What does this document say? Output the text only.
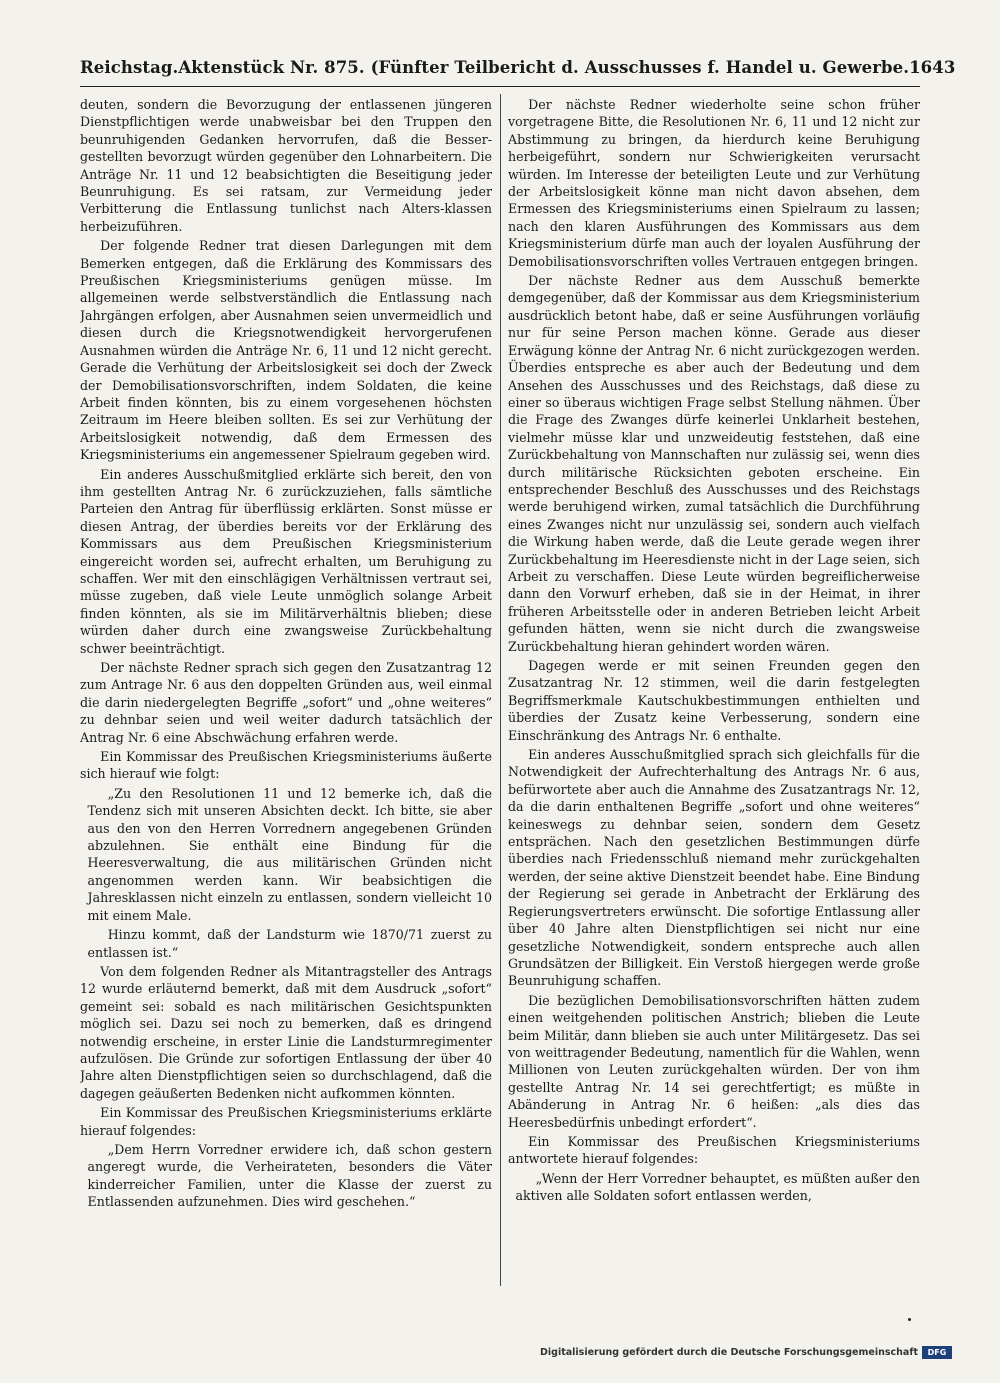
Reichstag. Aktenstück Nr. 875. (Fünfter Teilbericht d. Ausschusses f. Handel u. Gewerbe. 1643

deuten, sondern die Bevorzugung der entlassenen jüngeren Dienstpflichtigen werde unabweisbar bei den Truppen den beunruhigenden Gedanken hervorrufen, daß die Besser-gestellten bevorzugt würden gegenüber den Lohnarbeitern. Die Anträge Nr. 11 und 12 beabsichtigten die Beseitigung jeder Beunruhigung. Es sei ratsam, zur Vermeidung jeder Verbitterung die Entlassung tunlichst nach Alters-klassen herbeizuführen.

Der folgende Redner trat diesen Darlegungen mit dem Bemerken entgegen, daß die Erklärung des Kommissars des Preußischen Kriegsministeriums genügen müsse. Im allgemeinen werde selbstverständlich die Entlassung nach Jahrgängen erfolgen, aber Ausnahmen seien unvermeidlich und diesen durch die Kriegsnotwendigkeit hervorgerufenen Ausnahmen würden die Anträge Nr. 6, 11 und 12 nicht gerecht. Gerade die Verhütung der Arbeitslosigkeit sei doch der Zweck der Demobilisationsvorschriften, indem Soldaten, die keine Arbeit finden könnten, bis zu einem vorgesehenen höchsten Zeitraum im Heere bleiben sollten. Es sei zur Verhütung der Arbeitslosigkeit notwendig, daß dem Ermessen des Kriegsministeriums ein angemessener Spielraum gegeben wird.

Ein anderes Ausschußmitglied erklärte sich bereit, den von ihm gestellten Antrag Nr. 6 zurückzuziehen, falls sämtliche Parteien den Antrag für überflüssig erklärten. Sonst müsse er diesen Antrag, der überdies bereits vor der Erklärung des Kommissars aus dem Preußischen Kriegsministerium eingereicht worden sei, aufrecht erhalten, um Beruhigung zu schaffen. Wer mit den einschlägigen Verhältnissen vertraut sei, müsse zugeben, daß viele Leute unmöglich solange Arbeit finden könnten, als sie im Militärverhältnis blieben; diese würden daher durch eine zwangsweise Zurückbehaltung schwer beeinträchtigt.

Der nächste Redner sprach sich gegen den Zusatzantrag 12 zum Antrage Nr. 6 aus den doppelten Gründen aus, weil einmal die darin niedergelegten Begriffe „sofort“ und „ohne weiteres“ zu dehnbar seien und weil weiter dadurch tatsächlich der Antrag Nr. 6 eine Abschwächung erfahren werde.

Ein Kommissar des Preußischen Kriegsministeriums äußerte sich hierauf wie folgt:

„Zu den Resolutionen 11 und 12 bemerke ich, daß die Tendenz sich mit unseren Absichten deckt. Ich bitte, sie aber aus den von den Herren Vorrednern angegebenen Gründen abzulehnen. Sie enthält eine Bindung für die Heeresverwaltung, die aus militärischen Gründen nicht angenommen werden kann. Wir beabsichtigen die Jahresklassen nicht einzeln zu entlassen, sondern vielleicht 10 mit einem Male.

Hinzu kommt, daß der Landsturm wie 1870/71 zuerst zu entlassen ist.“

Von dem folgenden Redner als Mitantragsteller des Antrags 12 wurde erläuternd bemerkt, daß mit dem Ausdruck „sofort“ gemeint sei: sobald es nach militärischen Gesichtspunkten möglich sei. Dazu sei noch zu bemerken, daß es dringend notwendig erscheine, in erster Linie die Landsturmregimenter aufzulösen. Die Gründe zur sofortigen Entlassung der über 40 Jahre alten Dienstpflichtigen seien so durchschlagend, daß die dagegen geäußerten Bedenken nicht aufkommen könnten.

Ein Kommissar des Preußischen Kriegsministeriums erklärte hierauf folgendes:

„Dem Herrn Vorredner erwidere ich, daß schon gestern angeregt wurde, die Verheirateten, besonders die Väter kinderreicher Familien, unter die Klasse der zuerst zu Entlassenden aufzunehmen. Dies wird geschehen.“

Der nächste Redner wiederholte seine schon früher vorgetragene Bitte, die Resolutionen Nr. 6, 11 und 12 nicht zur Abstimmung zu bringen, da hierdurch keine Beruhigung herbeigeführt, sondern nur Schwierigkeiten verursacht würden. Im Interesse der beteiligten Leute und zur Verhütung der Arbeitslosigkeit könne man nicht davon absehen, dem Ermessen des Kriegsministeriums einen Spielraum zu lassen; nach den klaren Ausführungen des Kommissars aus dem Kriegsministerium dürfe man auch der loyalen Ausführung der Demobilisationsvorschriften volles Vertrauen entgegen bringen.

Der nächste Redner aus dem Ausschuß bemerkte demgegenüber, daß der Kommissar aus dem Kriegsministerium ausdrücklich betont habe, daß er seine Ausführungen vorläufig nur für seine Person machen könne. Gerade aus dieser Erwägung könne der Antrag Nr. 6 nicht zurückgezogen werden. Überdies entspreche es aber auch der Bedeutung und dem Ansehen des Ausschusses und des Reichstags, daß diese zu einer so überaus wichtigen Frage selbst Stellung nähmen. Über die Frage des Zwanges dürfe keinerlei Unklarheit bestehen, vielmehr müsse klar und unzweideutig feststehen, daß eine Zurückbehaltung von Mannschaften nur zulässig sei, wenn dies durch militärische Rücksichten geboten erscheine. Ein entsprechender Beschluß des Ausschusses und des Reichstags werde beruhigend wirken, zumal tatsächlich die Durchführung eines Zwanges nicht nur unzulässig sei, sondern auch vielfach die Wirkung haben werde, daß die Leute gerade wegen ihrer Zurückbehaltung im Heeresdienste nicht in der Lage seien, sich Arbeit zu verschaffen. Diese Leute würden begreiflicherweise dann den Vorwurf erheben, daß sie in der Heimat, in ihrer früheren Arbeitsstelle oder in anderen Betrieben leicht Arbeit gefunden hätten, wenn sie nicht durch die zwangsweise Zurückbehaltung hieran gehindert worden wären.

Dagegen werde er mit seinen Freunden gegen den Zusatzantrag Nr. 12 stimmen, weil die darin festgelegten Begriffsmerkmale Kautschukbestimmungen enthielten und überdies der Zusatz keine Verbesserung, sondern eine Einschränkung des Antrags Nr. 6 enthalte.

Ein anderes Ausschußmitglied sprach sich gleichfalls für die Notwendigkeit der Aufrechterhaltung des Antrags Nr. 6 aus, befürwortete aber auch die Annahme des Zusatzantrags Nr. 12, da die darin enthaltenen Begriffe „sofort und ohne weiteres“ keineswegs zu dehnbar seien, sondern dem Gesetz entsprächen. Nach den gesetzlichen Bestimmungen dürfe überdies nach Friedensschluß niemand mehr zurückgehalten werden, der seine aktive Dienstzeit beendet habe. Eine Bindung der Regierung sei gerade in Anbetracht der Erklärung des Regierungsvertreters erwünscht. Die sofortige Entlassung aller über 40 Jahre alten Dienstpflichtigen sei nicht nur eine gesetzliche Notwendigkeit, sondern entspreche auch allen Grundsätzen der Billigkeit. Ein Verstoß hiergegen werde große Beunruhigung schaffen.

Die bezüglichen Demobilisationsvorschriften hätten zudem einen weitgehenden politischen Anstrich; blieben die Leute beim Militär, dann blieben sie auch unter Militärgesetz. Das sei von weittragender Bedeutung, namentlich für die Wahlen, wenn Millionen von Leuten zurückgehalten würden. Der von ihm gestellte Antrag Nr. 14 sei gerechtfertigt; es müßte in Abänderung in Antrag Nr. 6 heißen: „als dies das Heeresbedürfnis unbedingt erfordert“.

Ein Kommissar des Preußischen Kriegsministeriums antwortete hierauf folgendes:

„Wenn der Herr Vorredner behauptet, es müßten außer den aktiven alle Soldaten sofort entlassen werden,

Digitalisierung gefördert durch die Deutsche Forschungsgemeinschaft	DFG
